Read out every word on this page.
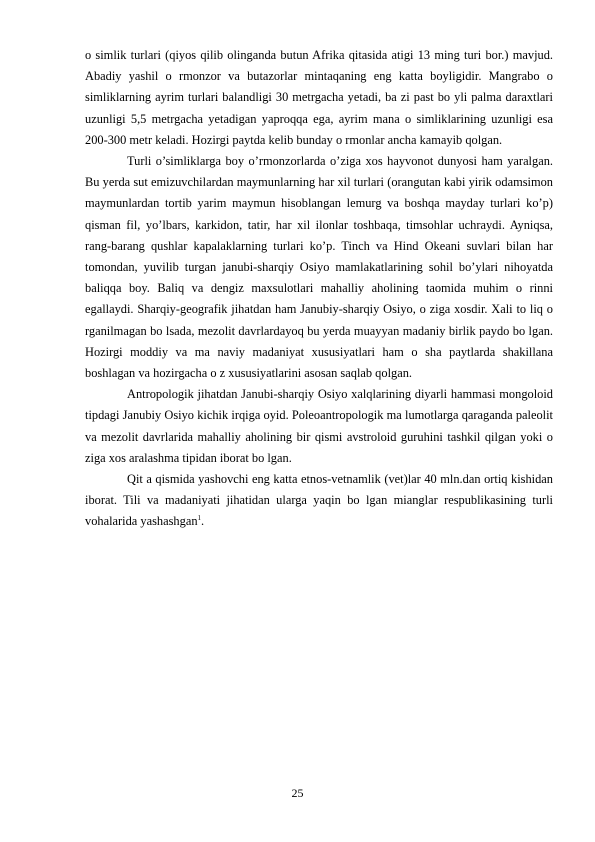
o simlik turlari (qiyos qilib olinganda butun Afrika qitasida atigi 13 ming turi bor.) mavjud. Abadiy yashil o rmonzor va butazorlar mintaqaning eng katta boyligidir. Mangrabo o simliklarning ayrim turlari balandligi 30 metrgacha yetadi, ba zi past bo yli palma daraxtlari uzunligi 5,5 metrgacha yetadigan yaproqqa ega, ayrim mana o simliklarining uzunligi esa 200-300 metr keladi. Hozirgi paytda kelib bunday o rmonlar ancha kamayib qolgan.

Turli o’simliklarga boy o’rmonzorlarda o’ziga xos hayvonot dunyosi ham yaralgan. Bu yerda sut emizuvchilardan maymunlarning har xil turlari (orangutan kabi yirik odamsimon maymunlardan tortib yarim maymun hisoblangan lemurg va boshqa mayday turlari ko’p) qisman fil, yo’lbars, karkidon, tatir, har xil ilonlar toshbaqa, timsohlar uchraydi. Ayniqsa, rang-barang qushlar kapalaklarning turlari ko’p. Tinch va Hind Okeani suvlari bilan har tomondan, yuvilib turgan janubi-sharqiy Osiyo mamlakatlarining sohil bo’ylari nihoyatda baliqqa boy. Baliq va dengiz maxsulotlari mahalliy aholining taomida muhim o rinni egallaydi. Sharqiy-geografik jihatdan ham Janubiy-sharqiy Osiyo, o ziga xosdir. Xali to liq o rganilmagan bo lsada, mezolit davrlardayoq bu yerda muayyan madaniy birlik paydo bo lgan. Hozirgi moddiy va ma naviy madaniyat xususiyatlari ham o sha paytlarda shakillana boshlagan va hozirgacha o z xususiyatlarini asosan saqlab qolgan.

Antropologik jihatdan Janubi-sharqiy Osiyo xalqlarining diyarli hammasi mongoloid tipdagi Janubiy Osiyo kichik irqiga oyid. Poleoantropologik ma lumotlarga qaraganda paleolit va mezolit davrlarida mahalliy aholining bir qismi avstroloid guruhini tashkil qilgan yoki o ziga xos aralashma tipidan iborat bo lgan.

Qit a qismida yashovchi eng katta etnos-vetnamlik (vet)lar 40 mln.dan ortiq kishidan iborat. Tili va madaniyati jihatidan ularga yaqin bo lgan mianglar respublikasining turli vohalarida yashashgan$^1$.

25
